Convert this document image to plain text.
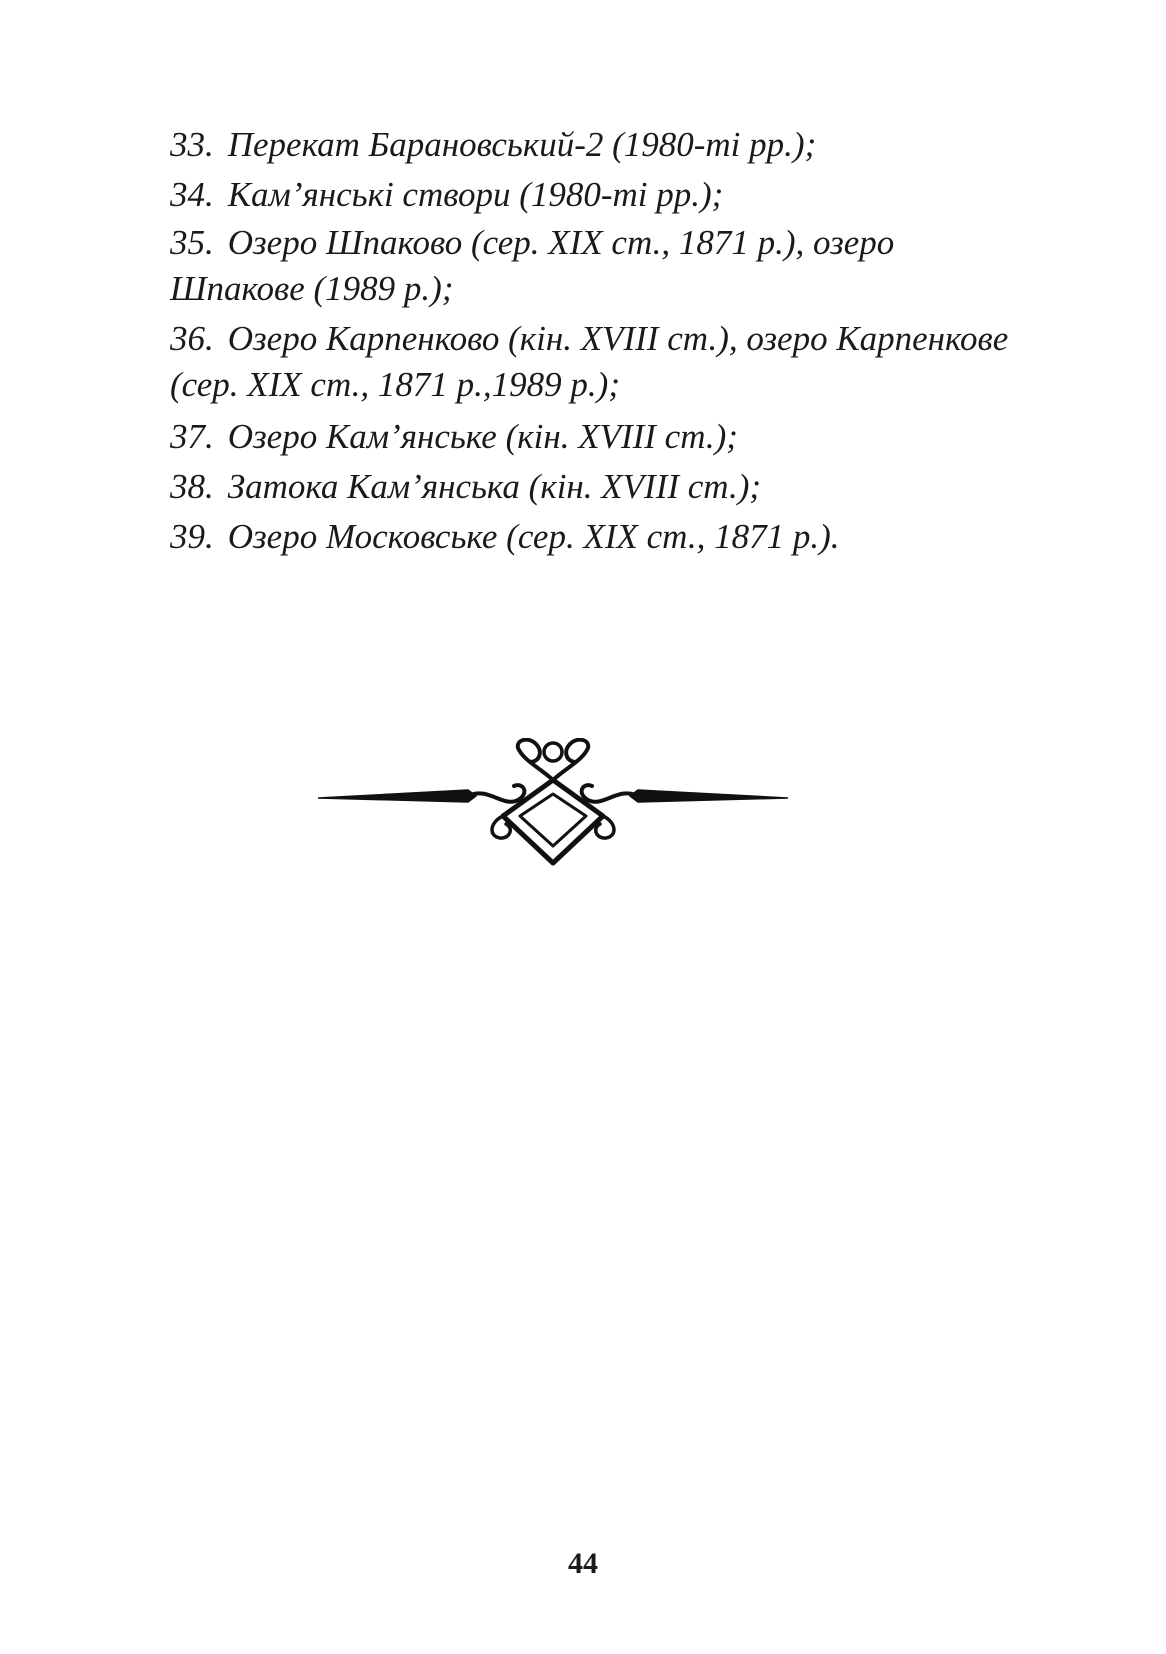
33. Перекат Барановський-2 (1980-ті рр.);
34. Кам’янські створи (1980-ті рр.);
35. Озеро Шпаково (сер. XIX ст., 1871 р.), озеро Шпакове (1989 р.);
36. Озеро Карпенково (кін. XVIII ст.), озеро Карпенкове (сер. XIX ст., 1871 р.,1989 р.);
37. Озеро Кам’янське (кін. XVIII ст.);
38. Затока Кам’янська (кін. XVIII ст.);
39. Озеро Московське (сер. XIX ст., 1871 р.).
44
